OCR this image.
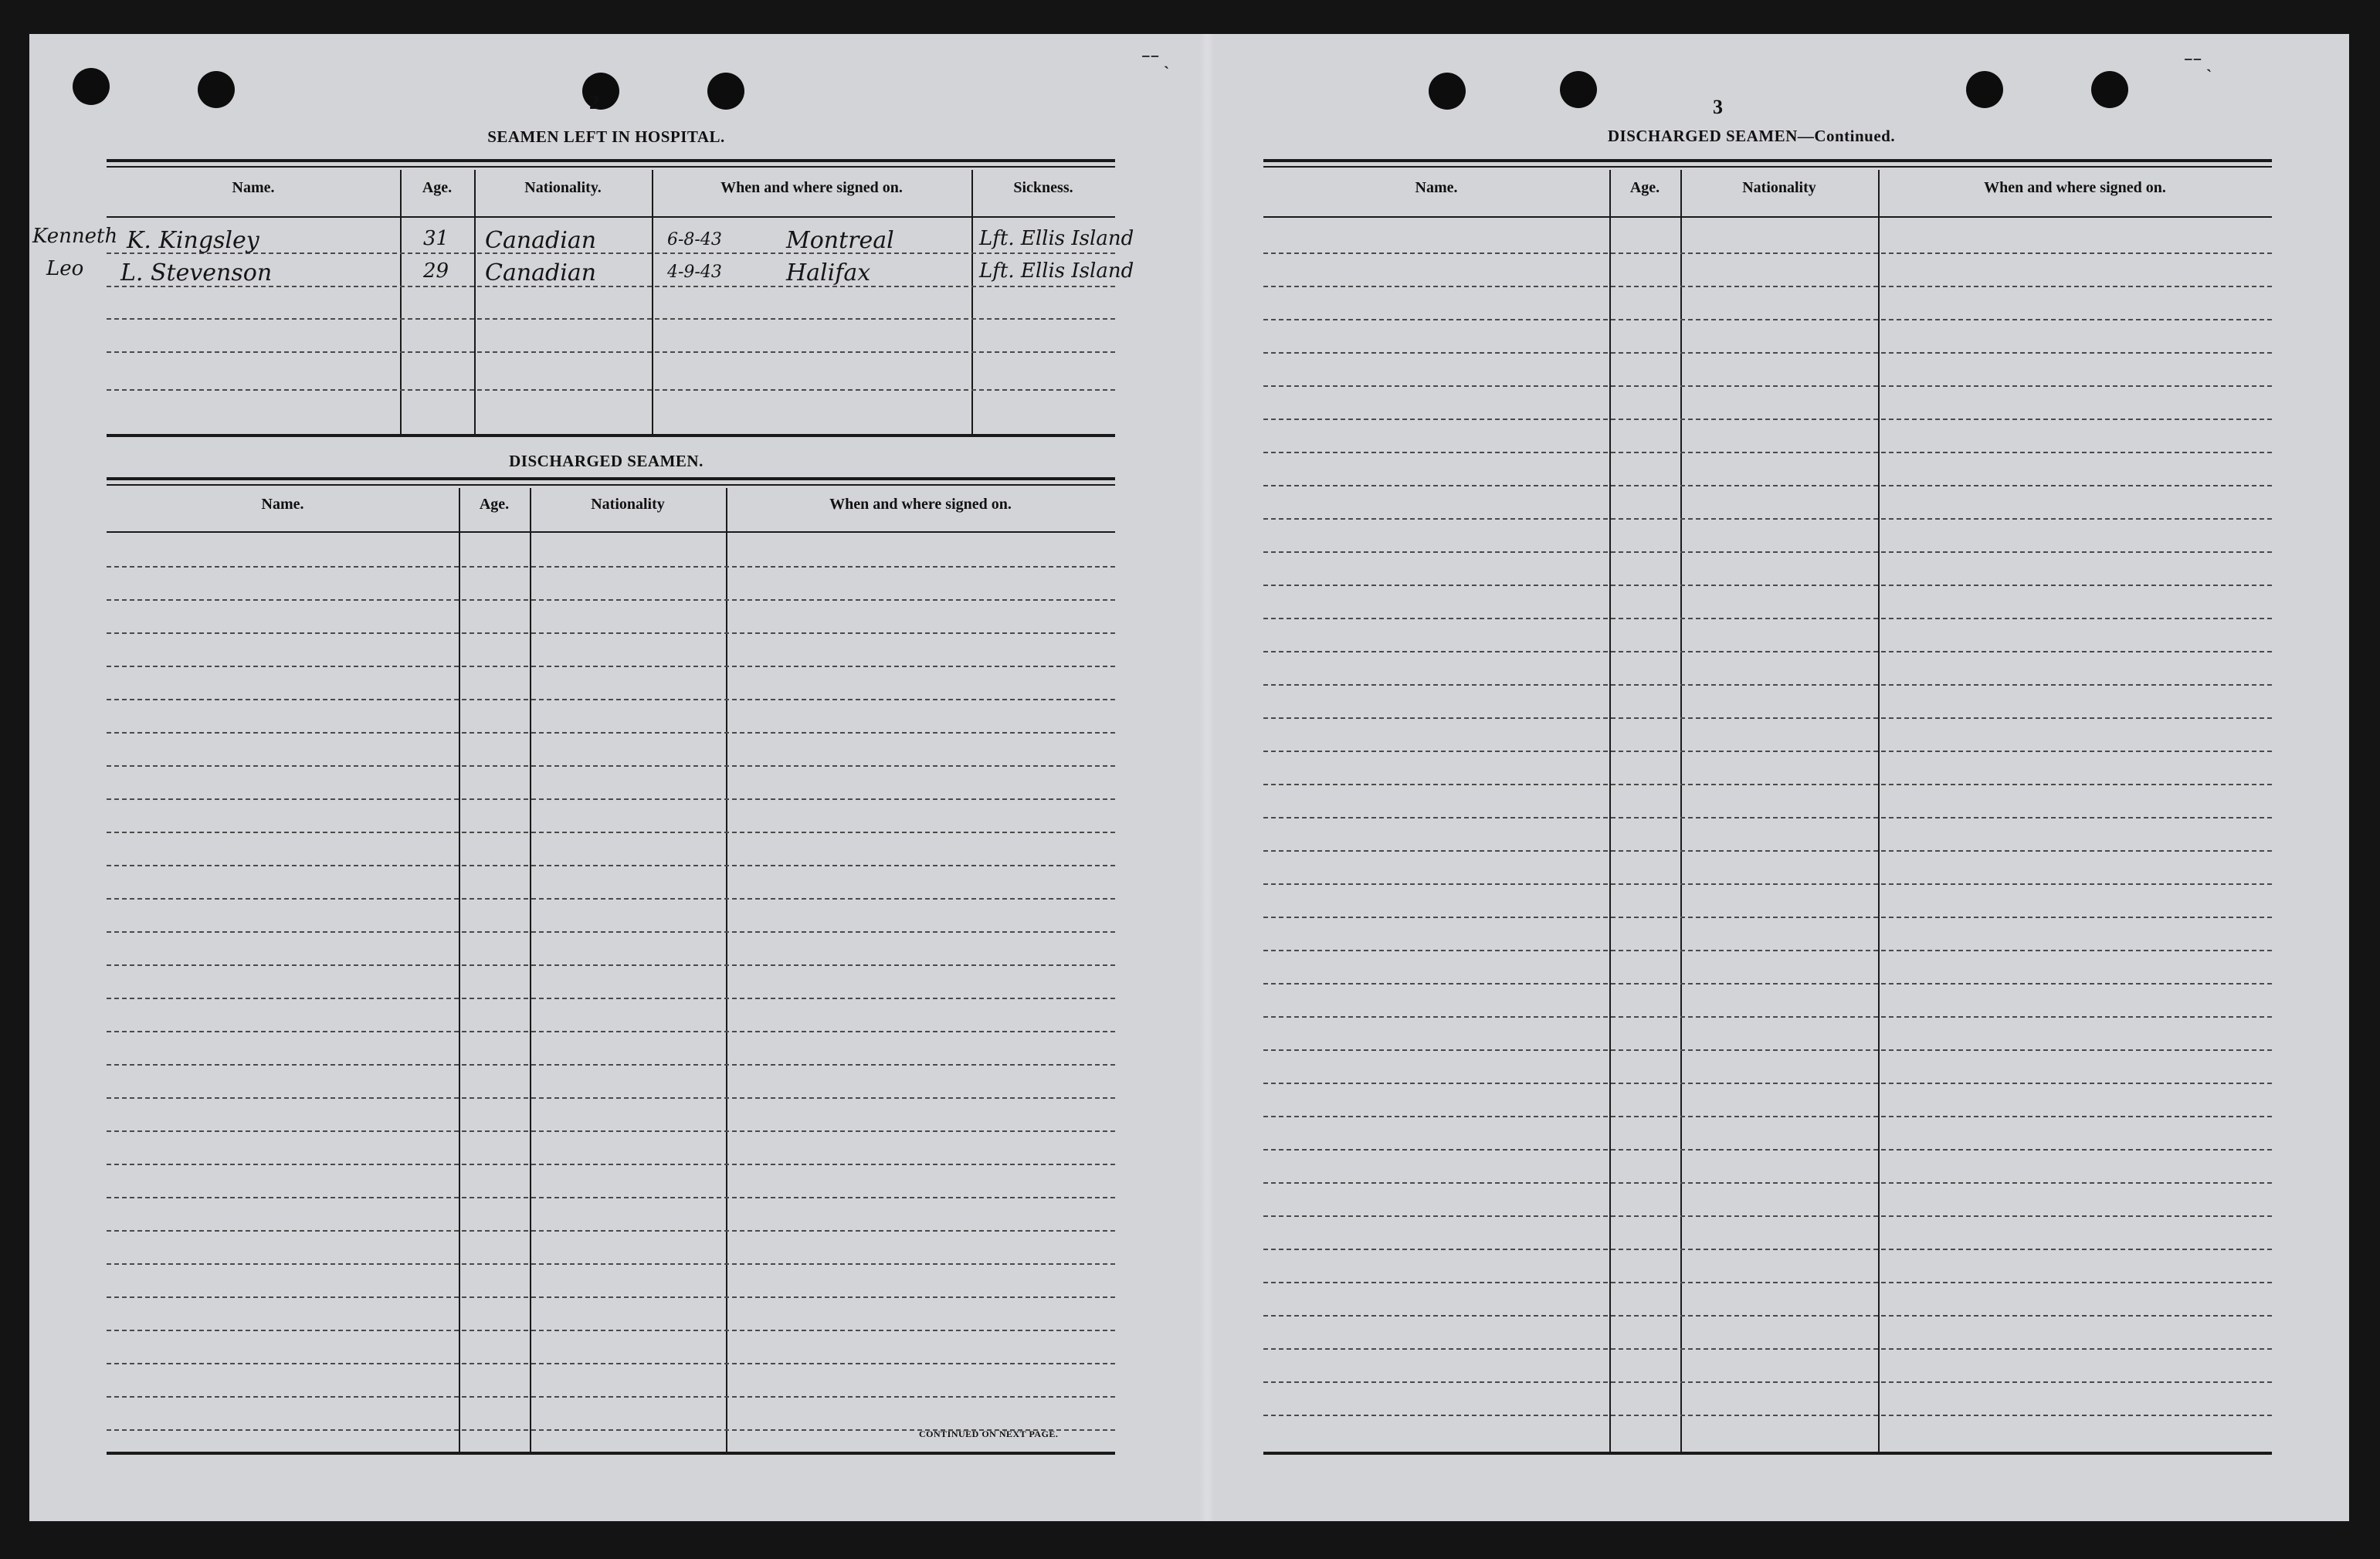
2
SEAMEN LEFT IN HOSPITAL.
Name.	Age.	Nationality.	When and where signed on.	Sickness.
Kenneth K. Kingsley	31 Canadian	6-8-43	Montreal	Lft. Ellis Island
Leo L. Stevenson	29 Canadian	4-9-43	Halifax	Lft. Ellis Island
DISCHARGED SEAMEN.
Name.	Age.	Nationality	When and where signed on.
CONTINUED ON NEXT PAGE.
3
DISCHARGED SEAMEN—Continued.
Name.	Age.	Nationality	When and where signed on.
⁻⁻ ˎ	⁻⁻ ˎ
